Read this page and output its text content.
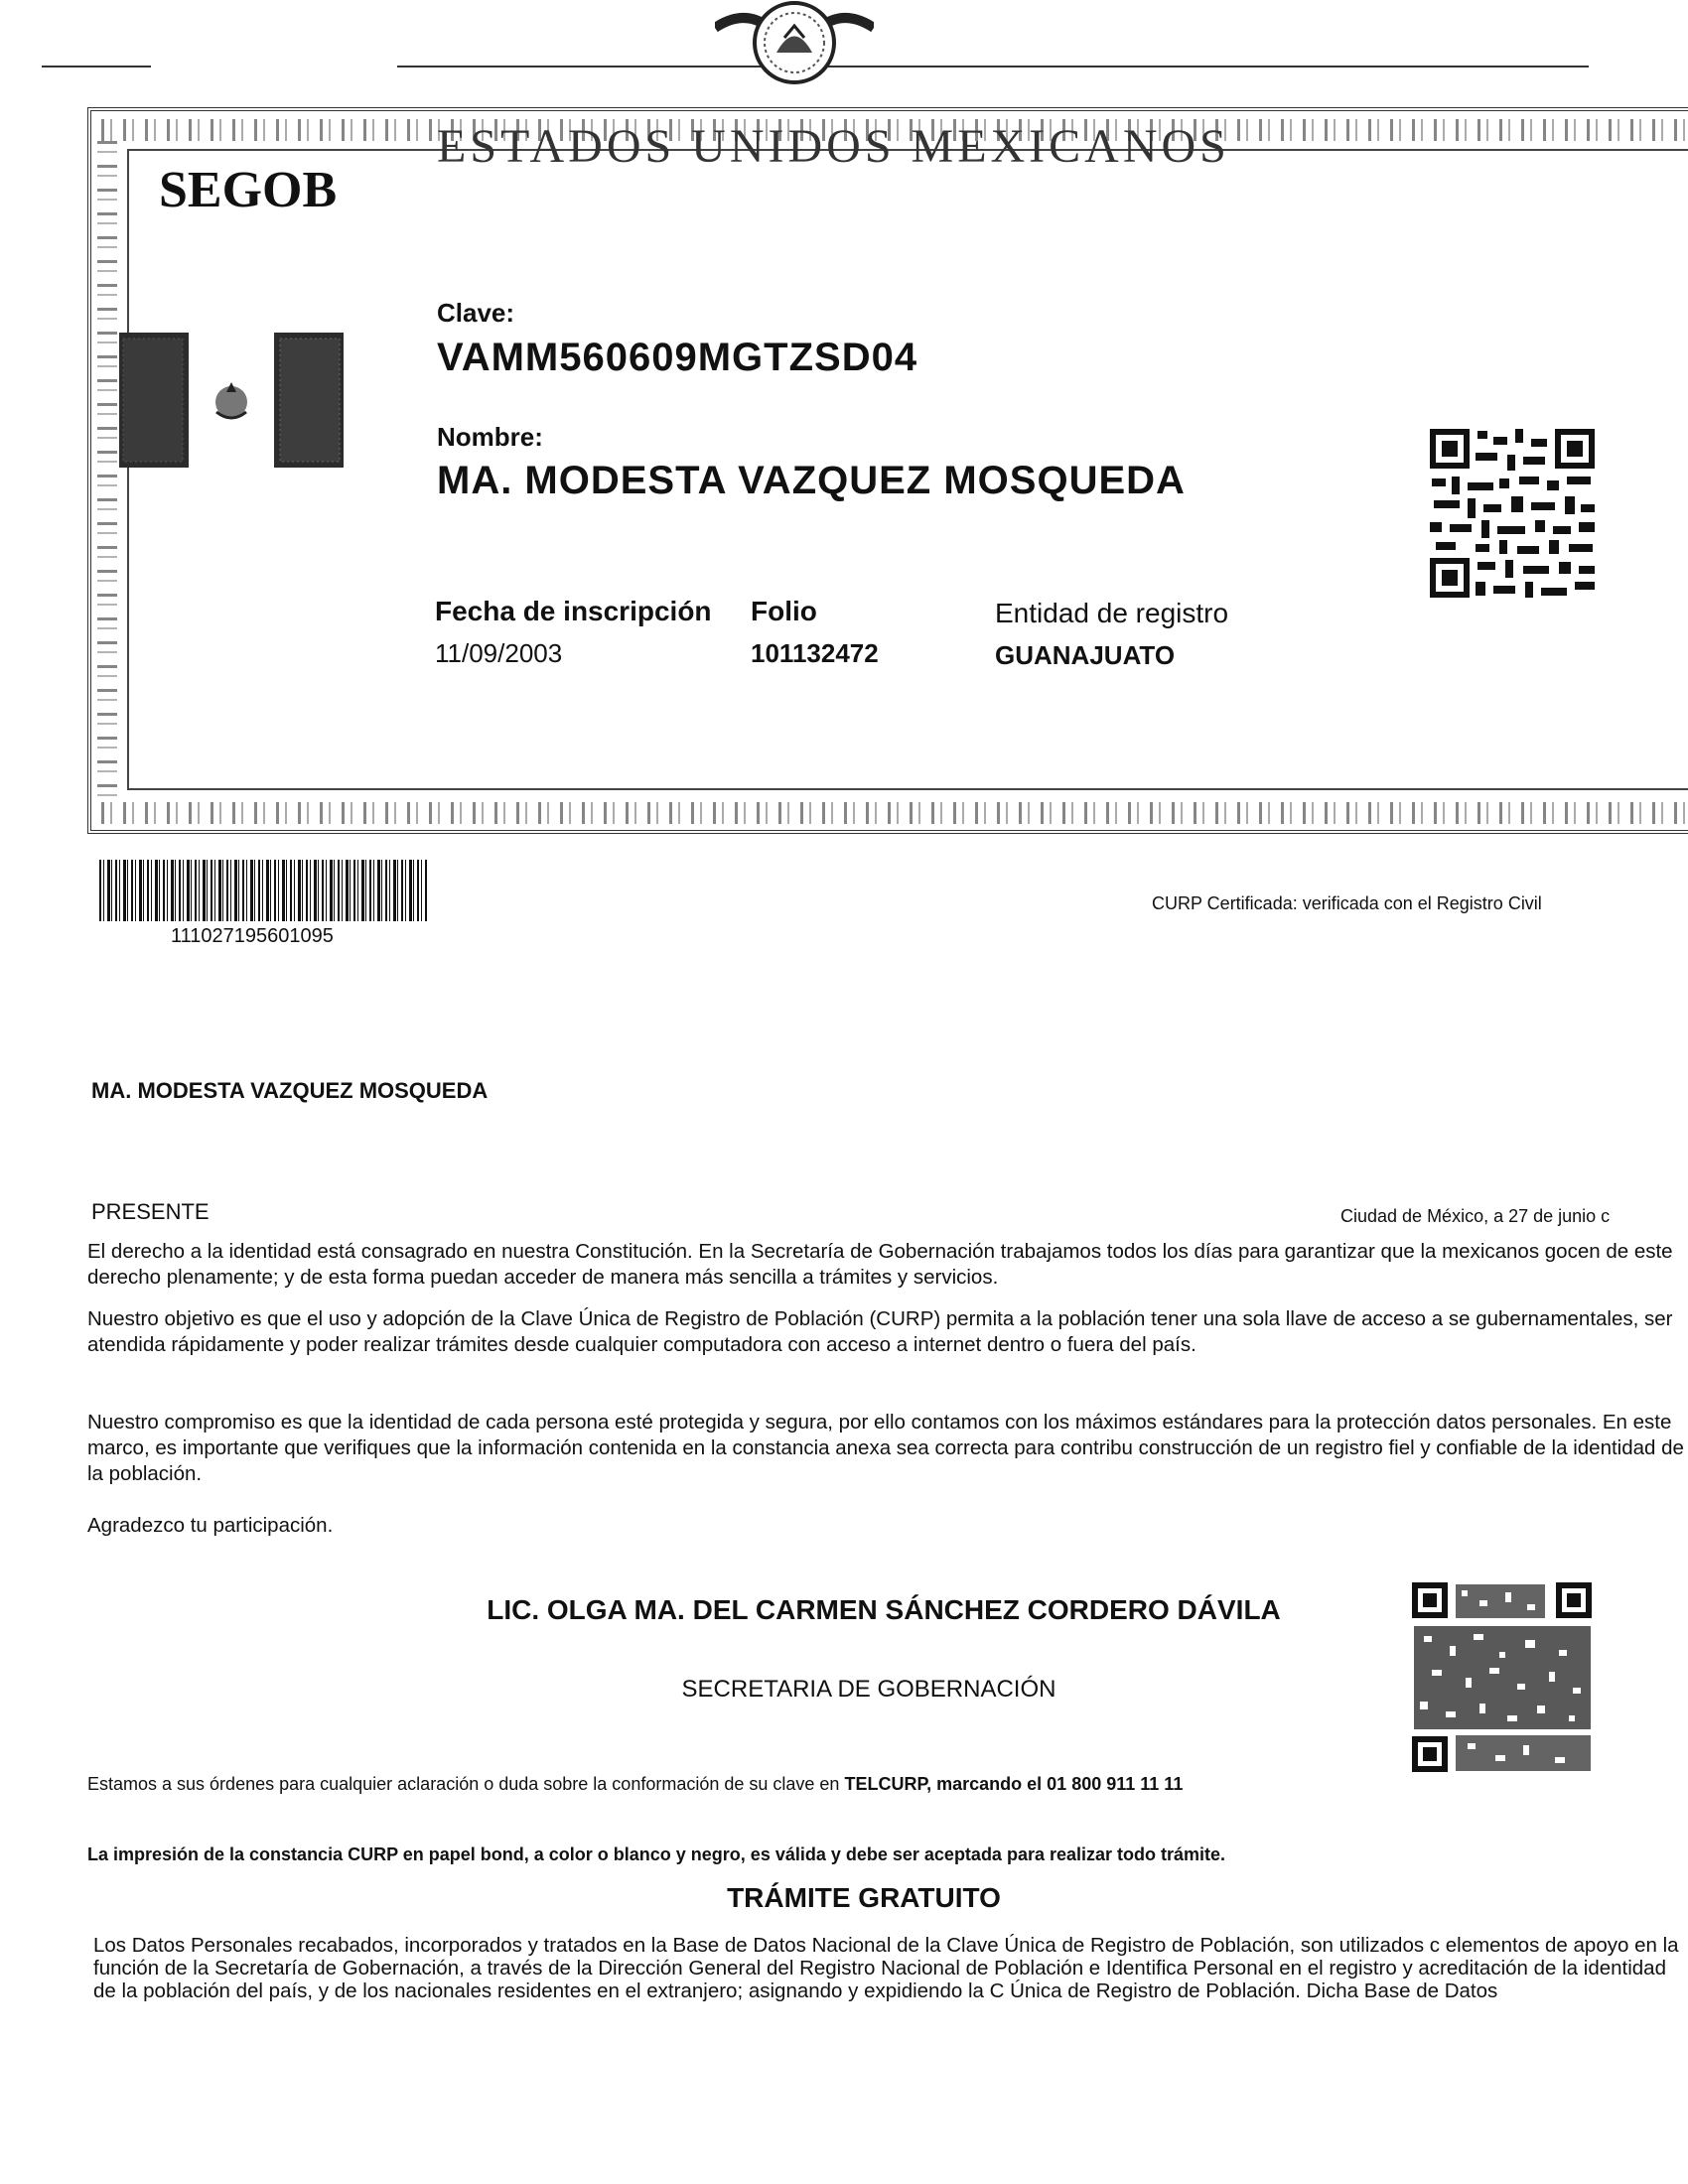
ESTADOS UNIDOS MEXICANOS
SEGOB
Clave:
VAMM560609MGTZSD04
Nombre:
MA. MODESTA VAZQUEZ MOSQUEDA
Fecha de inscripción
11/09/2003
Folio
101132472
Entidad de registro
GUANAJUATO
111027195601095
CURP Certificada: verificada con el Registro Civil
MA. MODESTA VAZQUEZ MOSQUEDA
PRESENTE	Ciudad de México, a 27 de junio c
El derecho a la identidad está consagrado en nuestra Constitución. En la Secretaría de Gobernación trabajamos todos los días para garantizar que la mexicanos gocen de este derecho plenamente; y de esta forma puedan acceder de manera más sencilla a trámites y servicios.
Nuestro objetivo es que el uso y adopción de la Clave Única de Registro de Población (CURP) permita a la población tener una sola llave de acceso a se gubernamentales, ser atendida rápidamente y poder realizar trámites desde cualquier computadora con acceso a internet dentro o fuera del país.
Nuestro compromiso es que la identidad de cada persona esté protegida y segura, por ello contamos con los máximos estándares para la protección datos personales. En este marco, es importante que verifiques que la información contenida en la constancia anexa sea correcta para contribu construcción de un registro fiel y confiable de la identidad de la población.
Agradezco tu participación.
LIC. OLGA MA. DEL CARMEN SÁNCHEZ CORDERO DÁVILA
SECRETARIA DE GOBERNACIÓN
Estamos a sus órdenes para cualquier aclaración o duda sobre la conformación de su clave en TELCURP, marcando el 01 800 911 11 11
La impresión de la constancia CURP en papel bond, a color o blanco y negro, es válida y debe ser aceptada para realizar todo trámite.
TRÁMITE GRATUITO
Los Datos Personales recabados, incorporados y tratados en la Base de Datos Nacional de la Clave Única de Registro de Población, son utilizados c elementos de apoyo en la función de la Secretaría de Gobernación, a través de la Dirección General del Registro Nacional de Población e Identifica Personal en el registro y acreditación de la identidad de la población del país, y de los nacionales residentes en el extranjero; asignando y expidiendo la C Única de Registro de Población. Dicha Base de Datos
